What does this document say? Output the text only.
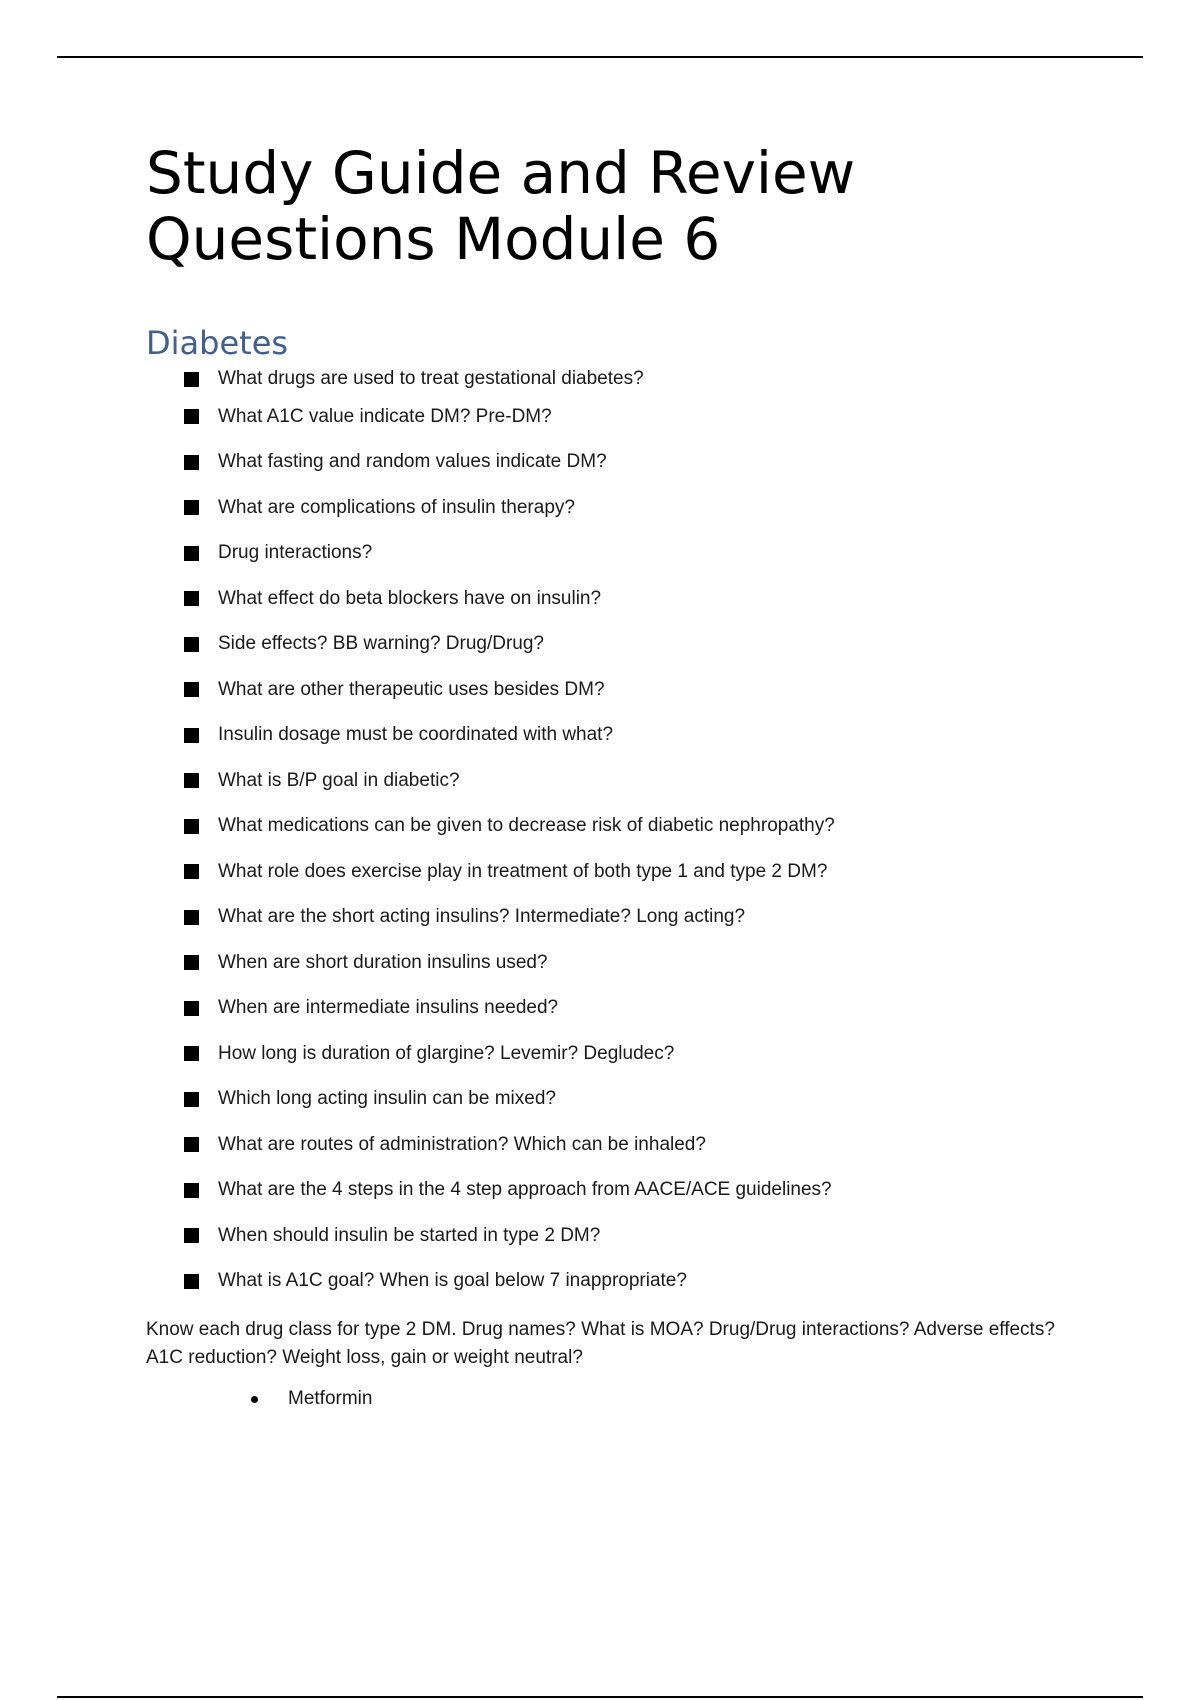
Study Guide and Review Questions Module 6
Diabetes
What drugs are used to treat gestational diabetes?
What A1C value indicate DM? Pre-DM?
What fasting and random values indicate DM?
What are complications of insulin therapy?
Drug interactions?
What effect do beta blockers have on insulin?
Side effects? BB warning? Drug/Drug?
What are other therapeutic uses besides DM?
Insulin dosage must be coordinated with what?
What is B/P goal in diabetic?
What medications can be given to decrease risk of diabetic nephropathy?
What role does exercise play in treatment of both type 1 and type 2 DM?
What are the short acting insulins? Intermediate? Long acting?
When are short duration insulins used?
When are intermediate insulins needed?
How long is duration of glargine? Levemir? Degludec?
Which long acting insulin can be mixed?
What are routes of administration? Which can be inhaled?
What are the 4 steps in the 4 step approach from AACE/ACE guidelines?
When should insulin be started in type 2 DM?
What is A1C goal? When is goal below 7 inappropriate?

Know each drug class for type 2 DM. Drug names? What is MOA? Drug/Drug interactions? Adverse effects? A1C reduction? Weight loss, gain or weight neutral?

Metformin
